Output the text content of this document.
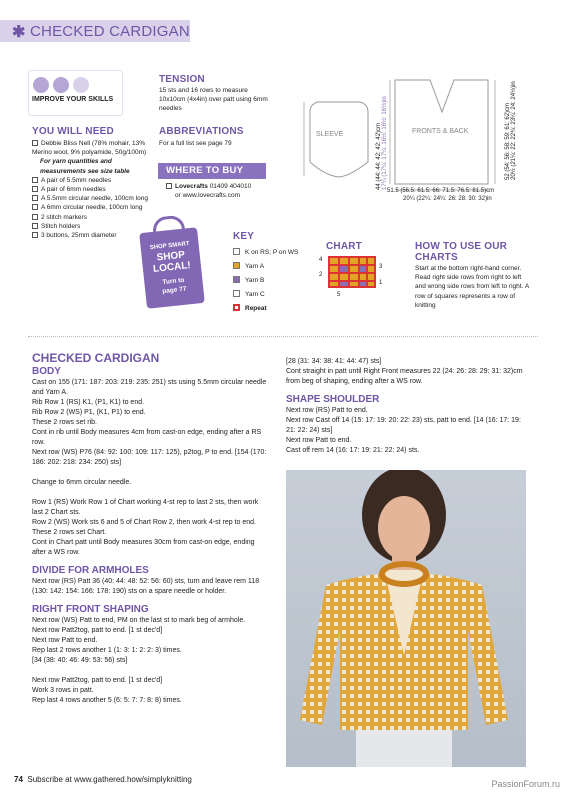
✱ CHECKED CARDIGAN
IMPROVE YOUR SKILLS
YOU WILL NEED
Debbie Bliss Nell (78% mohair, 13% Merino wool, 9% polyamide, 50g/100m)
For yarn quantities and measurements see size table
A pair of 5.5mm needles
A pair of 6mm needles
A 5.5mm circular needle, 100cm long
A 6mm circular needle, 100cm long
2 stitch markers
Stitch holders
3 buttons, 25mm diameter
TENSION
15 sts and 16 rows to measure 10x10cm (4x4in) over patt using 6mm needles
ABBREVIATIONS
For a full list see page 79
WHERE TO BUY
Lovecrafts 01409 404010
or www.lovecrafts.com
SHOP SMART
SHOP
LOCAL!
Turn to
page 77
SLEEVE	FRONTS & BACK
44 (44: 44: 42: 42: 42)cm
17¼ (17¼: 17¼: 16½: 16½: 16½)in
51.5 (56.5: 61.5: 66: 71.5: 76.5: 81.5)cm
20¼ (22¼: 24¼: 26: 28: 30: 32)in
52 (54: 56: 58: 59: 61: 62)cm
20½ (21¼: 22: 22¾: 23¼: 24: 24½)in
KEY
K on RS; P on WS
Yarn A
Yarn B
Yarn C
Repeat
CHART
4
3
2
1
5
HOW TO USE OUR CHARTS
Start at the bottom right-hand corner. Read right side rows from right to left and wrong side rows from left to right. A row of squares represents a row of knitting
CHECKED CARDIGAN
BODY
Cast on 155 (171: 187: 203: 219: 235: 251) sts using 5.5mm circular needle and Yarn A.
Rib Row 1 (RS) K1, (P1, K1) to end.
Rib Row 2 (WS) P1, (K1, P1) to end.
These 2 rows set rib.
Cont in rib until Body measures 4cm from cast-on edge, ending after a RS row.
Next row (WS) P76 (84: 92: 100: 109: 117: 125), p2tog, P to end. [154 (170: 186: 202: 218: 234: 250) sts]
Change to 6mm circular needle.
Row 1 (RS) Work Row 1 of Chart working 4-st rep to last 2 sts, then work last 2 Chart sts.
Row 2 (WS) Work sts 6 and 5 of Chart Row 2, then work 4-st rep to end.
These 2 rows set Chart.
Cont in Chart patt until Body measures 30cm from cast-on edge, ending after a WS row.
DIVIDE FOR ARMHOLES
Next row (RS) Patt 36 (40: 44: 48: 52: 56: 60) sts, turn and leave rem 118 (130: 142: 154: 166: 178: 190) sts on a spare needle or holder.
RIGHT FRONT SHAPING
Next row (WS) Patt to end, PM on the last st to mark beg of armhole.
Next row Patt2tog, patt to end. [1 st dec'd]
Next row Patt to end.
Rep last 2 rows another 1 (1: 3: 1: 2: 2: 3) times.
[34 (38: 40: 46: 49: 53: 56) sts]
Next row Patt2tog, patt to end. [1 st dec'd]
Work 3 rows in patt.
Rep last 4 rows another 5 (6: 5: 7: 7: 8: 8) times.
[28 (31: 34: 38: 41: 44: 47) sts]
Cont straight in patt until Right Front measures 22 (24: 26: 28: 29: 31: 32)cm from beg of shaping, ending after a WS row.
SHAPE SHOULDER
Next row (RS) Patt to end.
Next row Cast off 14 (15: 17: 19: 20: 22: 23) sts, patt to end. [14 (16: 17: 19: 21: 22: 24) sts]
Next row Patt to end.
Cast off rem 14 (16: 17: 19: 21: 22: 24) sts.
74 Subscribe at www.gathered.how/simplyknitting	PassionForum.ru
